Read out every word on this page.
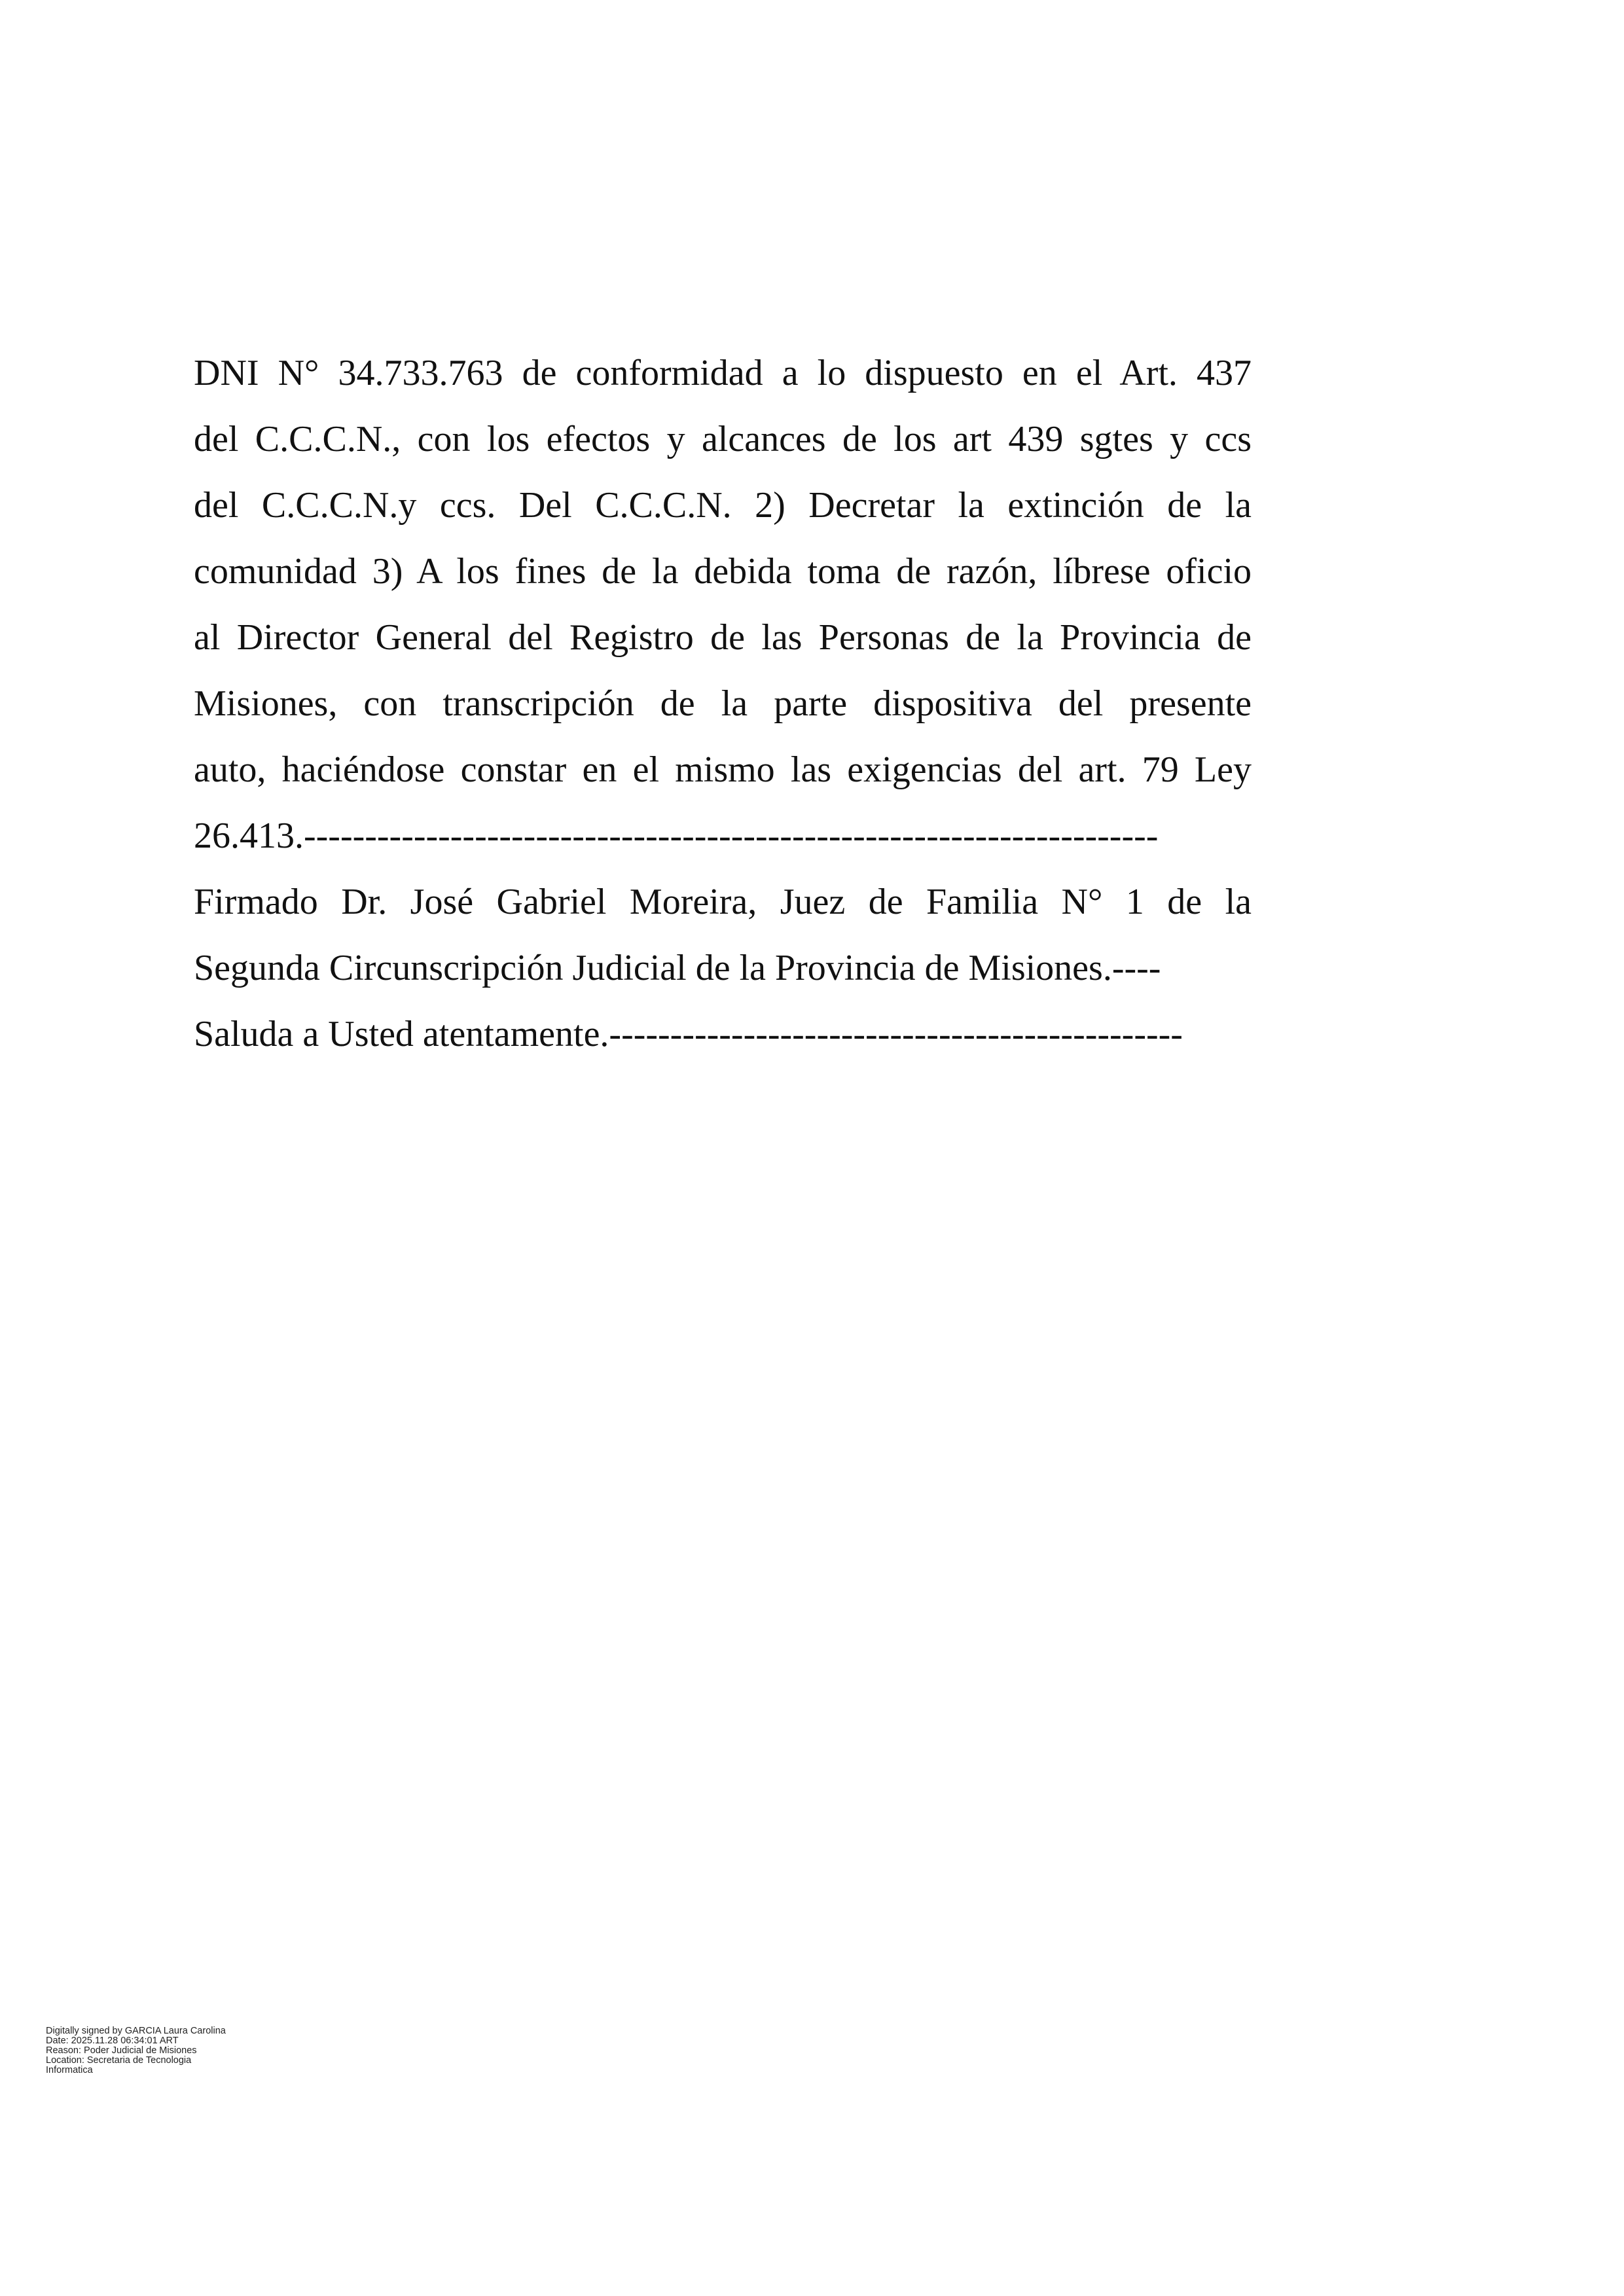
DNI N° 34.733.763 de conformidad a lo dispuesto en el Art. 437
del C.C.C.N., con los efectos y alcances de los art 439 sgtes y ccs
del C.C.C.N.y ccs. Del C.C.C.N. 2) Decretar la extinción de la
comunidad 3) A los fines de la debida toma de razón, líbrese oficio
al Director General del Registro de las Personas de la Provincia de
Misiones, con transcripción de la parte dispositiva del presente
auto, haciéndose constar en el mismo las exigencias del art. 79 Ley
26.413.----------------------------------------------------------------------
Firmado Dr. José Gabriel Moreira, Juez de Familia N° 1 de la
Segunda Circunscripción Judicial de la Provincia de Misiones.----
Saluda a Usted atentamente.-----------------------------------------------
Digitally signed by GARCIA Laura Carolina
Date: 2025.11.28 06:34:01 ART
Reason: Poder Judicial de Misiones
Location: Secretaria de Tecnologia
Informatica
